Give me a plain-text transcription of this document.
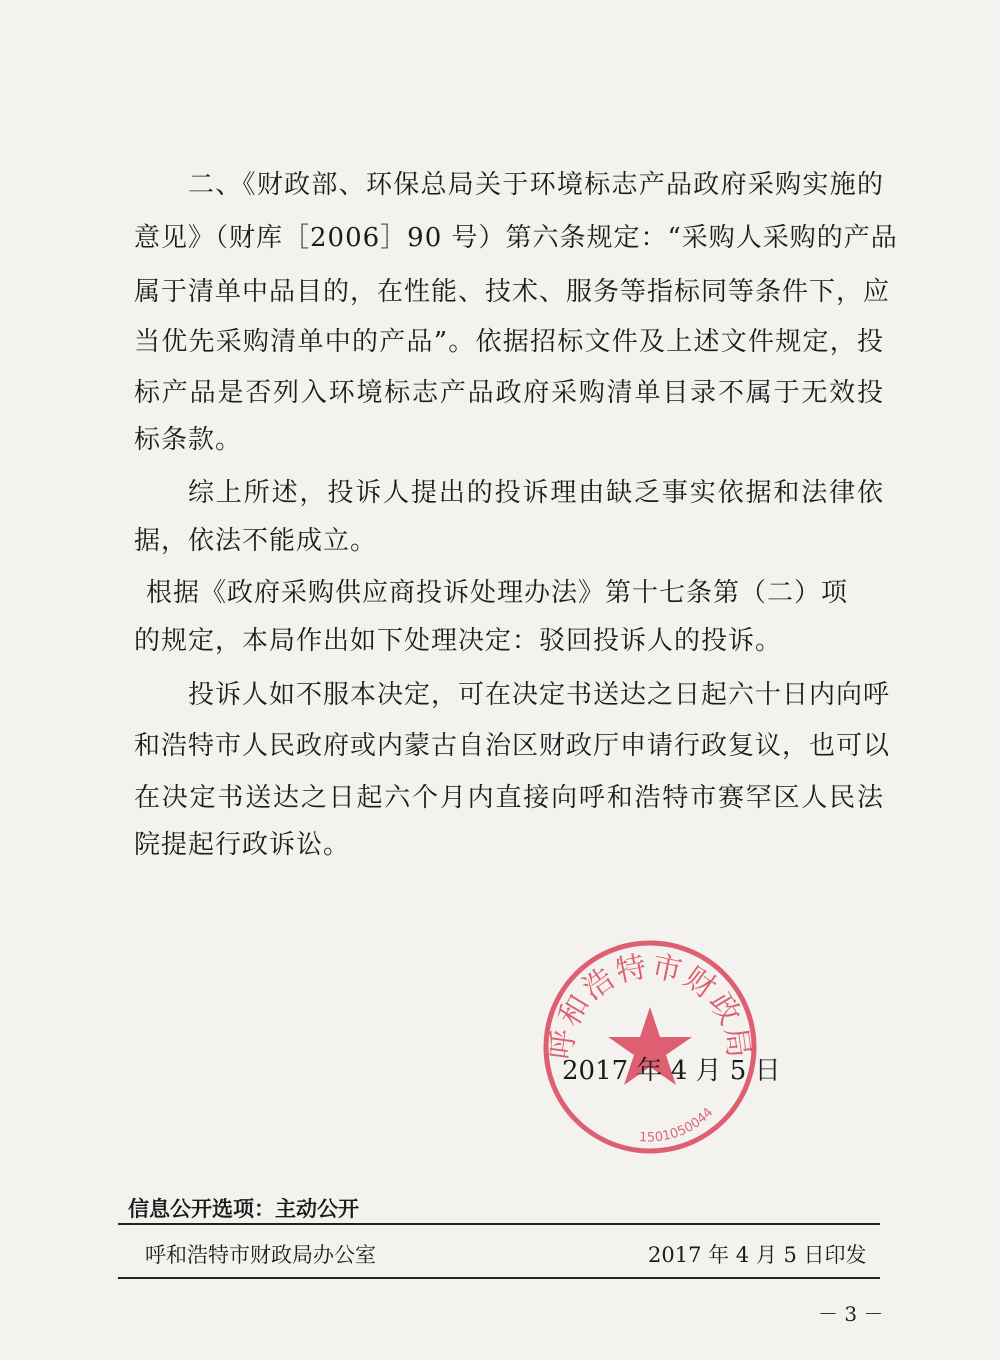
二、《财政部、环保总局关于环境标志产品政府采购实施的
意见》（财库［2006］90 号）第六条规定：“采购人采购的产品
属于清单中品目的，在性能、技术、服务等指标同等条件下，应
当优先采购清单中的产品”。依据招标文件及上述文件规定，投
标产品是否列入环境标志产品政府采购清单目录不属于无效投
标条款。
综上所述，投诉人提出的投诉理由缺乏事实依据和法律依
据，依法不能成立。
根据《政府采购供应商投诉处理办法》第十七条第（二）项
的规定，本局作出如下处理决定：驳回投诉人的投诉。
投诉人如不服本决定，可在决定书送达之日起六十日内向呼
和浩特市人民政府或内蒙古自治区财政厅申请行政复议，也可以
在决定书送达之日起六个月内直接向呼和浩特市赛罕区人民法
院提起行政诉讼。
呼和浩特市财政局
1501050044
2017 年 4 月 5 日
信息公开选项：主动公开
呼和浩特市财政局办公室	2017 年 4 月 5 日印发
－ 3 －
